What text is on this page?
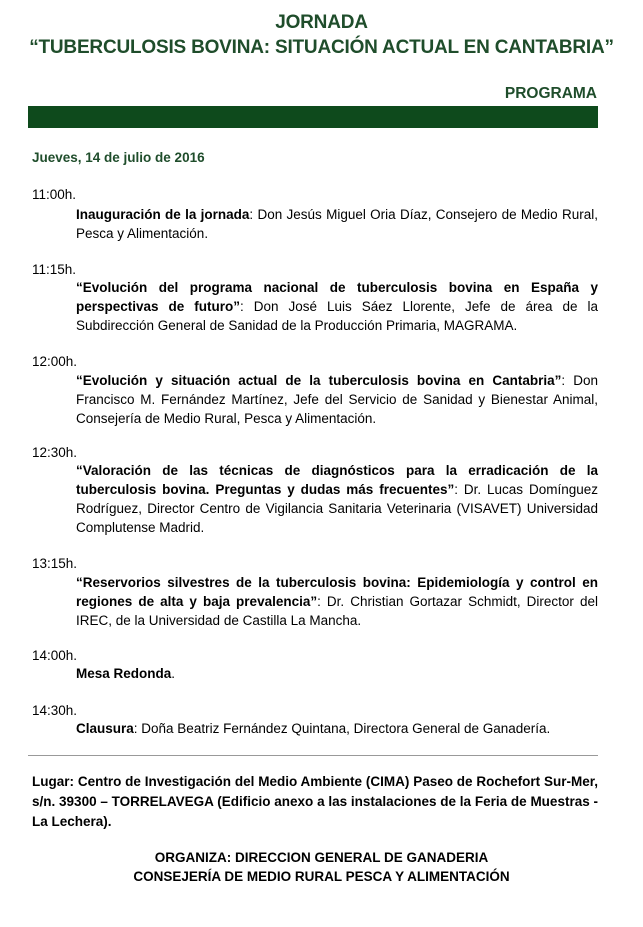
JORNADA
“TUBERCULOSIS BOVINA: SITUACIÓN ACTUAL EN CANTABRIA”
PROGRAMA
Jueves, 14 de julio de 2016
11:00h.
Inauguración de la jornada: Don Jesús Miguel Oria Díaz, Consejero de Medio Rural, Pesca y Alimentación.
11:15h.
“Evolución del programa nacional de tuberculosis bovina en España y perspectivas de futuro”: Don José Luis Sáez Llorente, Jefe de área de la Subdirección General de Sanidad de la Producción Primaria, MAGRAMA.
12:00h.
“Evolución y situación actual de la tuberculosis bovina en Cantabria”: Don Francisco M. Fernández Martínez, Jefe del Servicio de Sanidad y Bienestar Animal, Consejería de Medio Rural, Pesca y Alimentación.
12:30h.
“Valoración de las técnicas de diagnósticos para la erradicación de la tuberculosis bovina. Preguntas y dudas más frecuentes”: Dr. Lucas Domínguez Rodríguez, Director Centro de Vigilancia Sanitaria Veterinaria (VISAVET) Universidad Complutense Madrid.
13:15h.
“Reservorios silvestres de la tuberculosis bovina: Epidemiología y control en regiones de alta y baja prevalencia”: Dr. Christian Gortazar Schmidt, Director del IREC, de la Universidad de Castilla La Mancha.
14:00h.
Mesa Redonda.
14:30h.
Clausura: Doña Beatriz Fernández Quintana, Directora General de Ganadería.
Lugar: Centro de Investigación del Medio Ambiente (CIMA) Paseo de Rochefort Sur-Mer, s/n. 39300 – TORRELAVEGA (Edificio anexo a las instalaciones de la Feria de Muestras - La Lechera).
ORGANIZA: DIRECCION GENERAL DE GANADERIA
CONSEJERÍA DE MEDIO RURAL PESCA Y ALIMENTACIÓN
